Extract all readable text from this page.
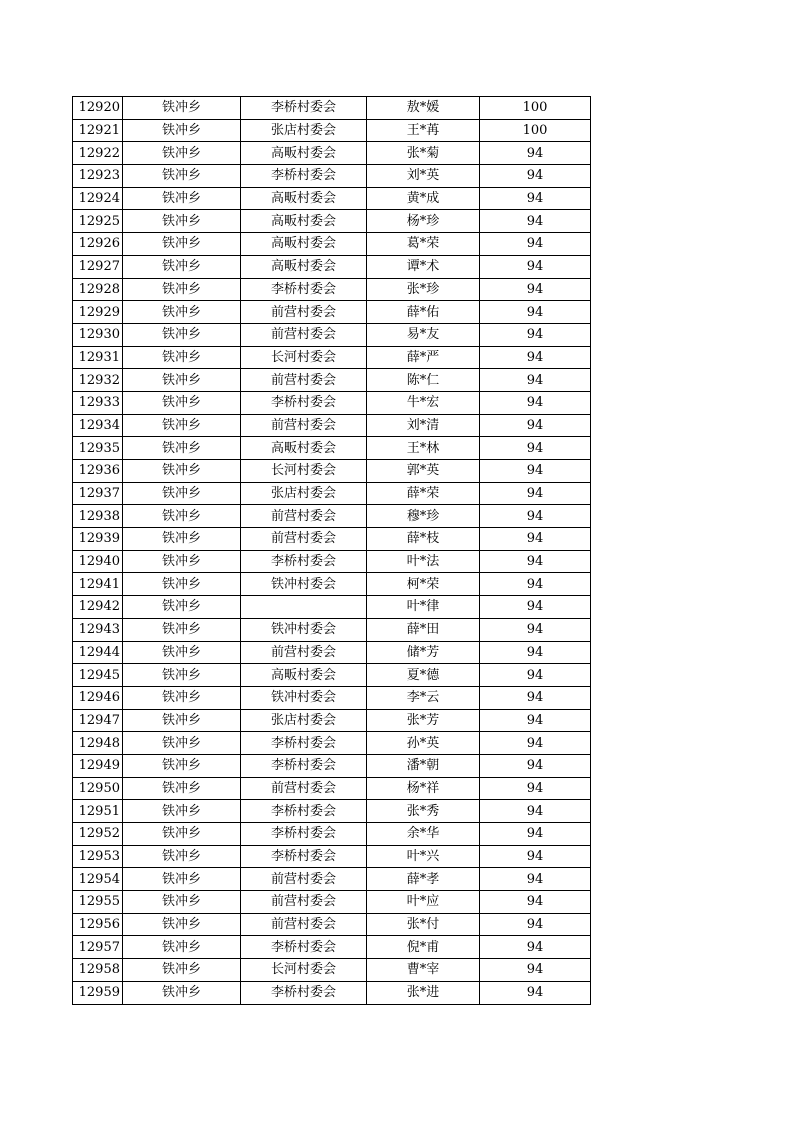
12920	铁冲乡	李桥村委会	敖*媛	100
12921	铁冲乡	张店村委会	王*苒	100
12922	铁冲乡	高畈村委会	张*菊	94
12923	铁冲乡	李桥村委会	刘*英	94
12924	铁冲乡	高畈村委会	黄*成	94
12925	铁冲乡	高畈村委会	杨*珍	94
12926	铁冲乡	高畈村委会	葛*荣	94
12927	铁冲乡	高畈村委会	谭*术	94
12928	铁冲乡	李桥村委会	张*珍	94
12929	铁冲乡	前营村委会	薛*佑	94
12930	铁冲乡	前营村委会	易*友	94
12931	铁冲乡	长河村委会	薛*严	94
12932	铁冲乡	前营村委会	陈*仁	94
12933	铁冲乡	李桥村委会	牛*宏	94
12934	铁冲乡	前营村委会	刘*清	94
12935	铁冲乡	高畈村委会	王*林	94
12936	铁冲乡	长河村委会	郭*英	94
12937	铁冲乡	张店村委会	薛*荣	94
12938	铁冲乡	前营村委会	穆*珍	94
12939	铁冲乡	前营村委会	薛*枝	94
12940	铁冲乡	李桥村委会	叶*法	94
12941	铁冲乡	铁冲村委会	柯*荣	94
12942	铁冲乡		叶*律	94
12943	铁冲乡	铁冲村委会	薛*田	94
12944	铁冲乡	前营村委会	储*芳	94
12945	铁冲乡	高畈村委会	夏*德	94
12946	铁冲乡	铁冲村委会	李*云	94
12947	铁冲乡	张店村委会	张*芳	94
12948	铁冲乡	李桥村委会	孙*英	94
12949	铁冲乡	李桥村委会	潘*朝	94
12950	铁冲乡	前营村委会	杨*祥	94
12951	铁冲乡	李桥村委会	张*秀	94
12952	铁冲乡	李桥村委会	余*华	94
12953	铁冲乡	李桥村委会	叶*兴	94
12954	铁冲乡	前营村委会	薛*孝	94
12955	铁冲乡	前营村委会	叶*应	94
12956	铁冲乡	前营村委会	张*付	94
12957	铁冲乡	李桥村委会	倪*甫	94
12958	铁冲乡	长河村委会	曹*宰	94
12959	铁冲乡	李桥村委会	张*进	94
